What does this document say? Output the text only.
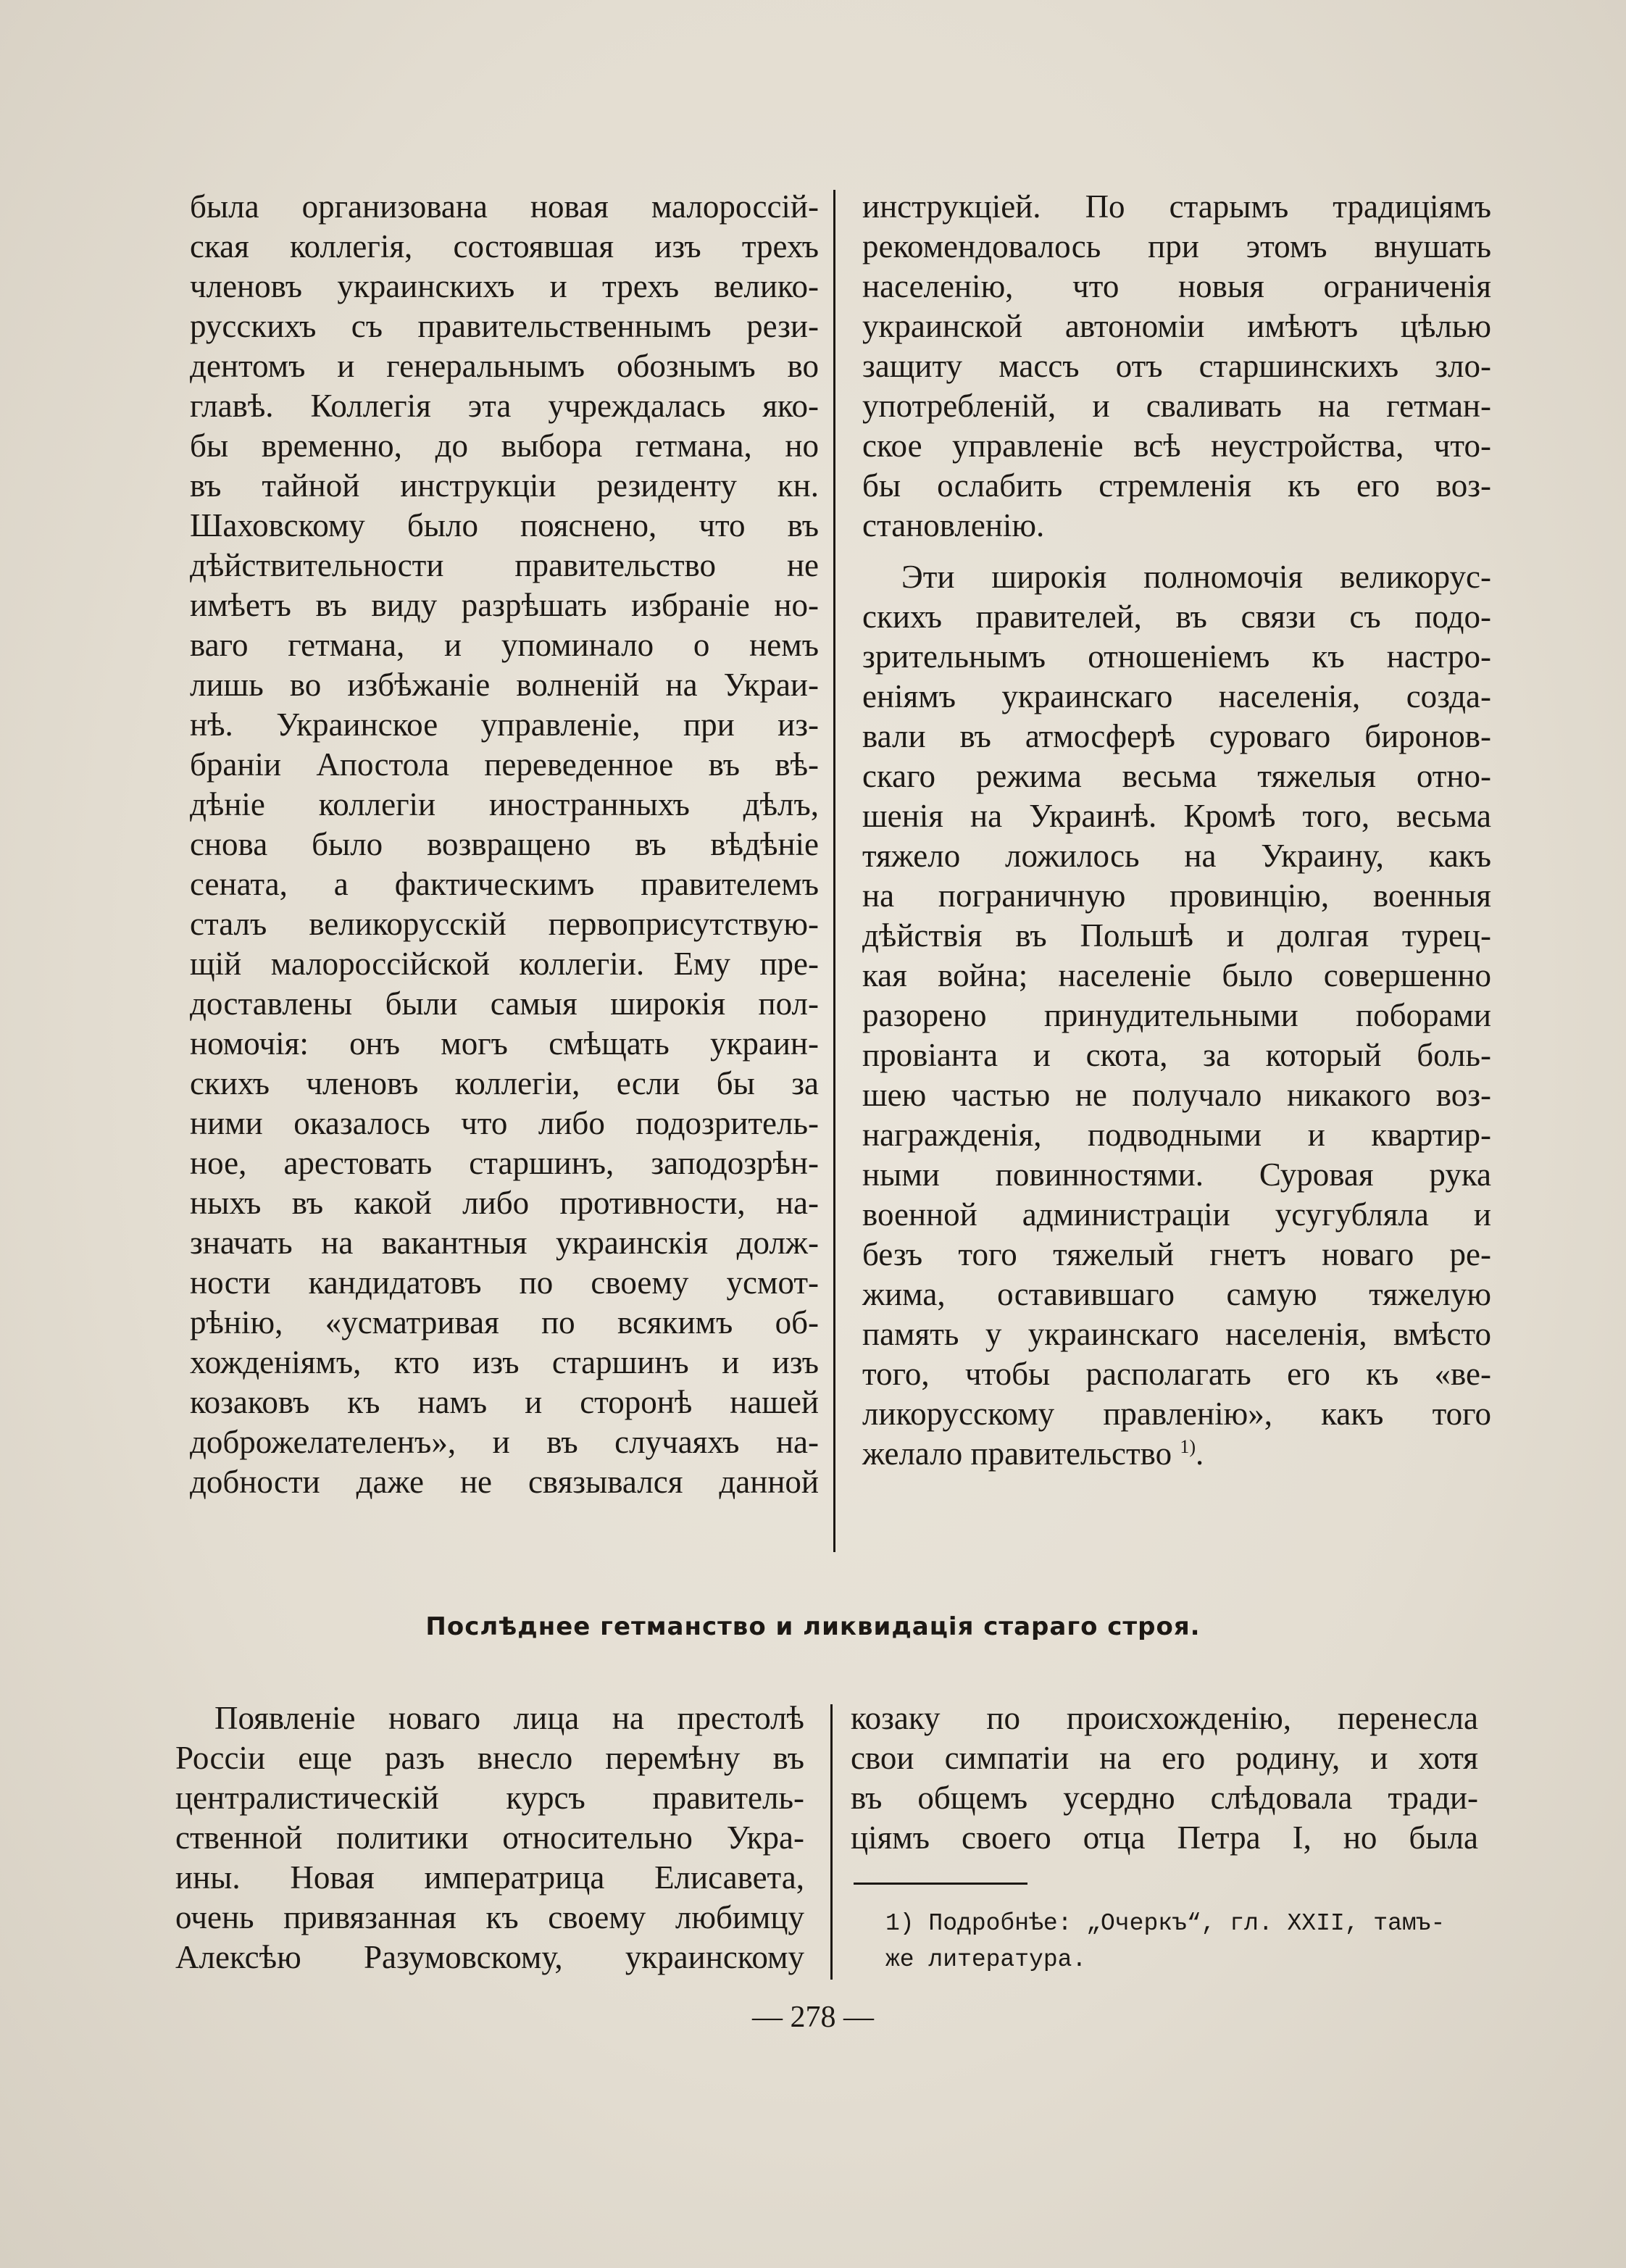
была организована новая малороссій-
ская коллегія, состоявшая изъ трехъ
членовъ украинскихъ и трехъ велико-
русскихъ съ правительственнымъ рези-
дентомъ и генеральнымъ обознымъ во
главѣ. Коллегія эта учреждалась яко-
бы временно, до выбора гетмана, но
въ тайной инструкціи резиденту кн.
Шаховскому было пояснено, что въ
дѣйствительности правительство не
имѣетъ въ виду разрѣшать избраніе но-
ваго гетмана, и упоминало о немъ
лишь во избѣжаніе волненій на Украи-
нѣ. Украинское управленіе, при из-
браніи Апостола переведенное въ вѣ-
дѣніе коллегіи иностранныхъ дѣлъ,
снова было возвращено въ вѣдѣніе
сената, а фактическимъ правителемъ
сталъ великорусскій первоприсутствую-
щій малороссійской коллегіи. Ему пре-
доставлены были самыя широкія пол-
номочія: онъ могъ смѣщать украин-
скихъ членовъ коллегіи, если бы за
ними оказалось что либо подозритель-
ное, арестовать старшинъ, заподозрѣн-
ныхъ въ какой либо противности, на-
значать на вакантныя украинскія долж-
ности кандидатовъ по своему усмот-
рѣнію, «усматривая по всякимъ об-
хожденіямъ, кто изъ старшинъ и изъ
козаковъ къ намъ и сторонѣ нашей
доброжелателенъ», и въ случаяхъ на-
добности даже не связывался данной
инструкціей. По старымъ традиціямъ
рекомендовалось при этомъ внушать
населенію, что новыя ограниченія
украинской автономіи имѣютъ цѣлью
защиту массъ отъ старшинскихъ зло-
употребленій, и сваливать на гетман-
ское управленіе всѣ неустройства, что-
бы ослабить стремленія къ его воз-
становленію.
Эти широкія полномочія великорус-
скихъ правителей, въ связи съ подо-
зрительнымъ отношеніемъ къ настро-
еніямъ украинскаго населенія, созда-
вали въ атмосферѣ суроваго биронов-
скаго режима весьма тяжелыя отно-
шенія на Украинѣ. Кромѣ того, весьма
тяжело ложилось на Украину, какъ
на пограничную провинцію, военныя
дѣйствія въ Польшѣ и долгая турец-
кая война; населеніе было совершенно
разорено принудительными поборами
провіанта и скота, за который боль-
шею частью не получало никакого воз-
награжденія, подводными и квартир-
ными повинностями. Суровая рука
военной администраціи усугубляла и
безъ того тяжелый гнетъ новаго ре-
жима, оставившаго самую тяжелую
память у украинскаго населенія, вмѣсто
того, чтобы располагать его къ «ве-
ликорусскому правленію», какъ того
желало правительство $^{1)}$.
Послѣднее гетманство и ликвидація стараго строя.
Появленіе новаго лица на престолѣ
Россіи еще разъ внесло перемѣну въ
централистическій курсъ правитель-
ственной политики относительно Укра-
ины. Новая императрица Елисавета,
очень привязанная къ своему любимцу
Алексѣю Разумовскому, украинскому
козаку по происхожденію, перенесла
свои симпатіи на его родину, и хотя
въ общемъ усердно слѣдовала тради-
ціямъ своего отца Петра I, но была
1) Подробнѣе: „Очеркъ“, гл. XXII, тамъ-
же литература.
— 278 —
